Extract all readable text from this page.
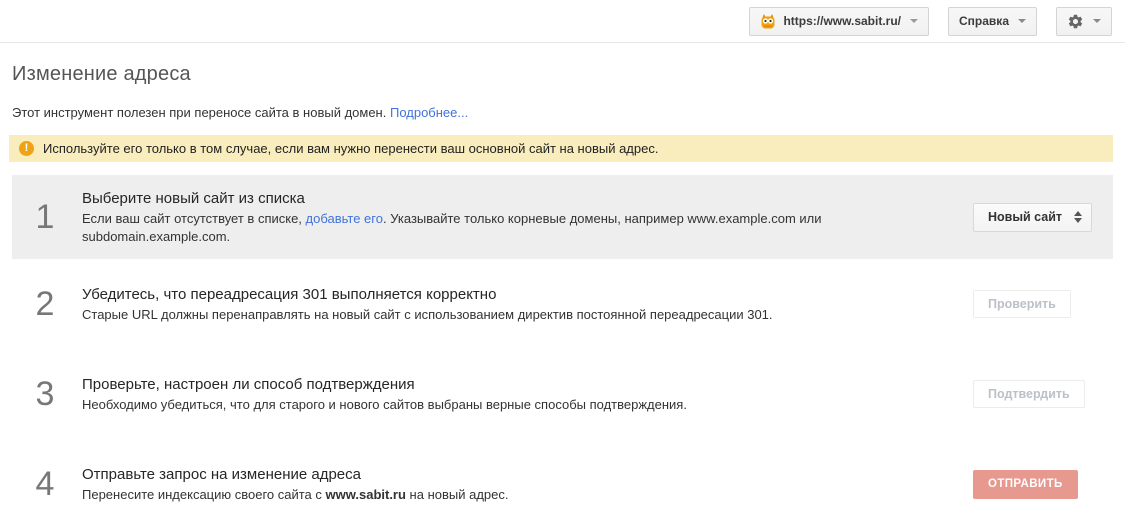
https://www.sabit.ru/	Справка
Изменение адреса

Этот инструмент полезен при переносе сайта в новый домен. Подробнее...

!	Используйте его только в том случае, если вам нужно перенести ваш основной сайт на новый адрес.
1	Выберите новый сайт из списка
Если ваш сайт отсутствует в списке, добавьте его. Указывайте только корневые домены, например www.example.com или subdomain.example.com.
Новый сайт
2	Убедитесь, что переадресация 301 выполняется корректно
Старые URL должны перенаправлять на новый сайт с использованием директив постоянной переадресации 301.
Проверить
3	Проверьте, настроен ли способ подтверждения
Необходимо убедиться, что для старого и нового сайтов выбраны верные способы подтверждения.
Подтвердить
4	Отправьте запрос на изменение адреса
Перенесите индексацию своего сайта с www.sabit.ru на новый адрес.
ОТПРАВИТЬ
